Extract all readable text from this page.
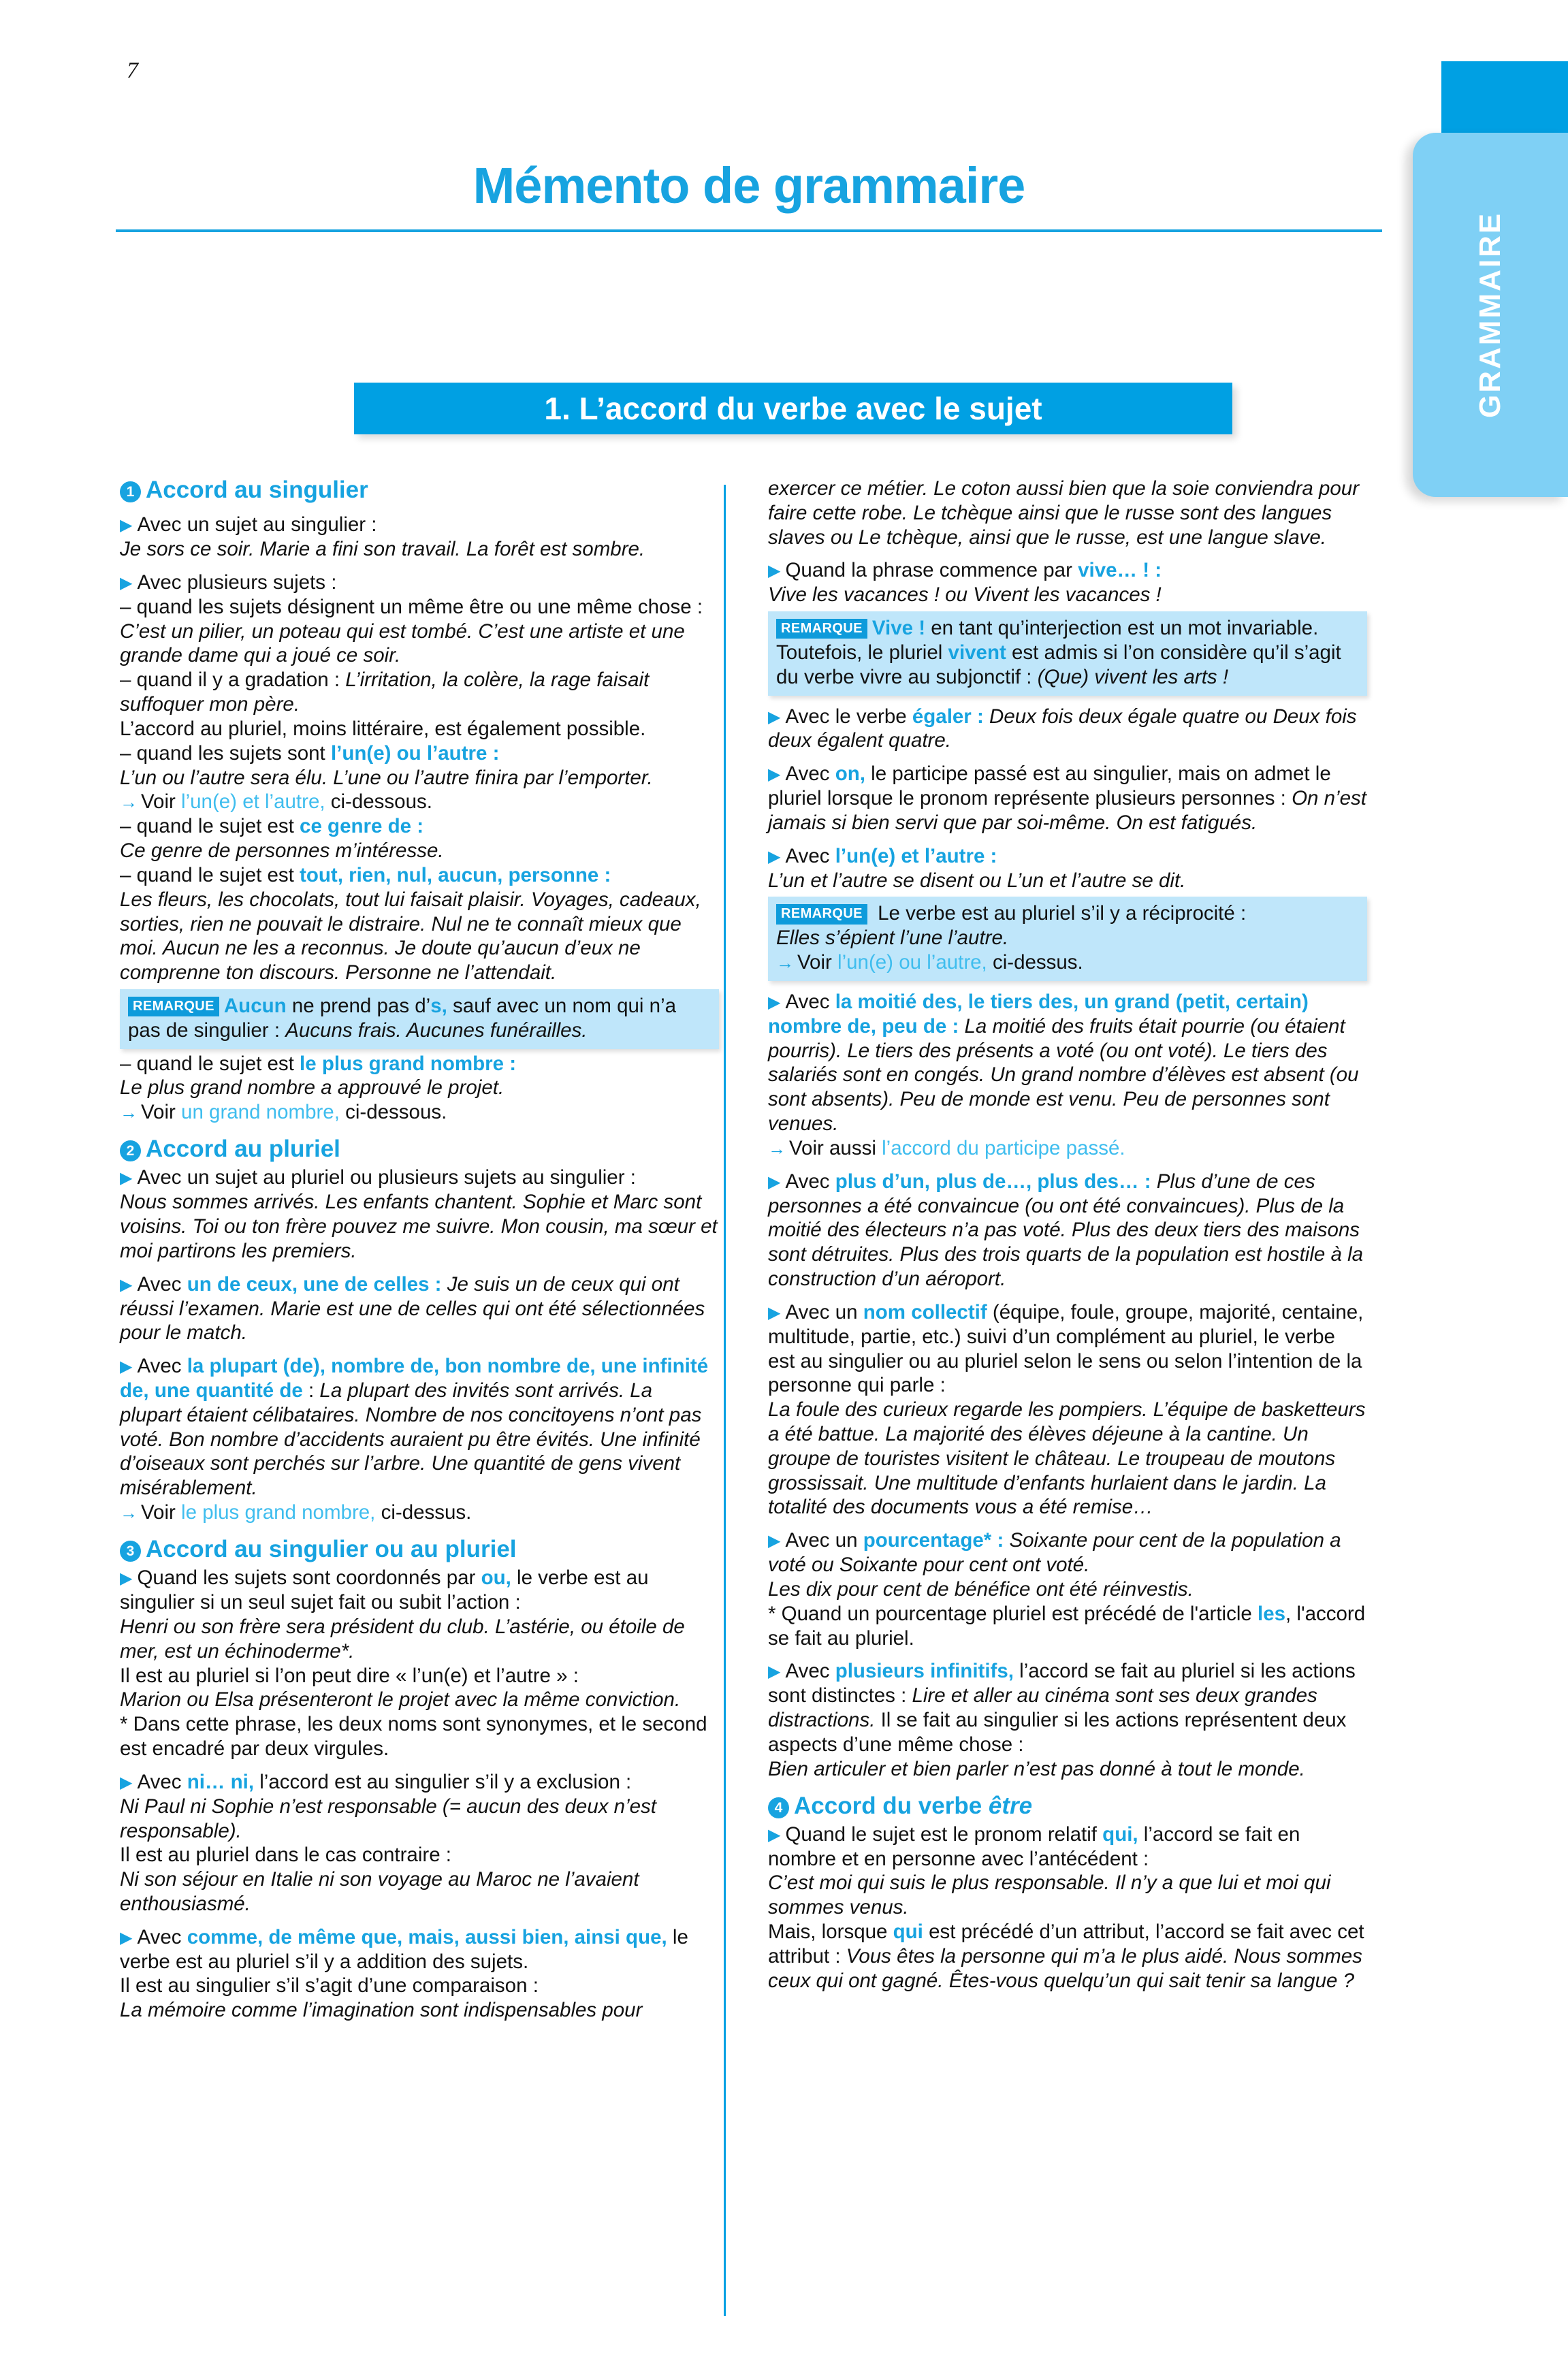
GRAMMAIRE
7
Mémento de grammaire
1. L’accord du verbe avec le sujet
1 Accord au singulier

▶ Avec un sujet au singulier :

Je sors ce soir. Marie a fini son travail. La forêt est sombre.

▶ Avec plusieurs sujets :

– quand les sujets désignent un même être ou une même chose : C’est un pilier, un poteau qui est tombé. C’est une artiste et une grande dame qui a joué ce soir.

– quand il y a gradation : L’irritation, la colère, la rage faisait suffoquer mon père.

L’accord au pluriel, moins littéraire, est également possible.

– quand les sujets sont l’un(e) ou l’autre :

L’un ou l’autre sera élu. L’une ou l’autre finira par l’emporter.

→ Voir l’un(e) et l’autre, ci-dessous.

– quand le sujet est ce genre de :

Ce genre de personnes m’intéresse.

– quand le sujet est tout, rien, nul, aucun, personne :

Les fleurs, les chocolats, tout lui faisait plaisir. Voyages, cadeaux, sorties, rien ne pouvait le distraire. Nul ne te connaît mieux que moi. Aucun ne les a reconnus. Je doute qu’aucun d’eux ne comprenne ton discours. Personne ne l’attendait.

REMARQUE Aucun ne prend pas d’s, sauf avec un nom qui n’a pas de singulier : Aucuns frais. Aucunes funérailles.

– quand le sujet est le plus grand nombre :

Le plus grand nombre a approuvé le projet.

→ Voir un grand nombre, ci-dessous.

2 Accord au pluriel

▶ Avec un sujet au pluriel ou plusieurs sujets au singulier :

Nous sommes arrivés. Les enfants chantent. Sophie et Marc sont voisins. Toi ou ton frère pouvez me suivre. Mon cousin, ma sœur et moi partirons les premiers.

▶ Avec un de ceux, une de celles : Je suis un de ceux qui ont réussi l’examen. Marie est une de celles qui ont été sélectionnées pour le match.

▶ Avec la plupart (de), nombre de, bon nombre de, une infinité de, une quantité de : La plupart des invités sont arrivés. La plupart étaient célibataires. Nombre de nos concitoyens n’ont pas voté. Bon nombre d’accidents auraient pu être évités. Une infinité d’oiseaux sont perchés sur l’arbre. Une quantité de gens vivent misérablement.

→ Voir le plus grand nombre, ci-dessus.

3 Accord au singulier ou au pluriel

▶ Quand les sujets sont coordonnés par ou, le verbe est au singulier si un seul sujet fait ou subit l’action :

Henri ou son frère sera président du club. L’astérie, ou étoile de mer, est un échinoderme*.

Il est au pluriel si l’on peut dire « l’un(e) et l’autre » :

Marion ou Elsa présenteront le projet avec la même conviction.

* Dans cette phrase, les deux noms sont synonymes, et le second est encadré par deux virgules.

▶ Avec ni… ni, l’accord est au singulier s’il y a exclusion :

Ni Paul ni Sophie n’est responsable (= aucun des deux n’est responsable).

Il est au pluriel dans le cas contraire :

Ni son séjour en Italie ni son voyage au Maroc ne l’avaient enthousiasmé.

▶ Avec comme, de même que, mais, aussi bien, ainsi que, le verbe est au pluriel s’il y a addition des sujets.

Il est au singulier s’il s’agit d’une comparaison :

La mémoire comme l’imagination sont indispensables pour

exercer ce métier. Le coton aussi bien que la soie conviendra pour faire cette robe. Le tchèque ainsi que le russe sont des langues slaves ou Le tchèque, ainsi que le russe, est une langue slave.

▶ Quand la phrase commence par vive… ! :

Vive les vacances ! ou Vivent les vacances !

REMARQUE Vive ! en tant qu’interjection est un mot invariable. Toutefois, le pluriel vivent est admis si l’on considère qu’il s’agit du verbe vivre au subjonctif : (Que) vivent les arts !

▶ Avec le verbe égaler : Deux fois deux égale quatre ou Deux fois deux égalent quatre.

▶ Avec on, le participe passé est au singulier, mais on admet le pluriel lorsque le pronom représente plusieurs personnes : On n’est jamais si bien servi que par soi-même. On est fatigués.

▶ Avec l’un(e) et l’autre :

L’un et l’autre se disent ou L’un et l’autre se dit.

REMARQUE Le verbe est au pluriel s’il y a réciprocité :

Elles s’épient l’une l’autre.

→ Voir l’un(e) ou l’autre, ci-dessus.

▶ Avec la moitié des, le tiers des, un grand (petit, certain) nombre de, peu de : La moitié des fruits était pourrie (ou étaient pourris). Le tiers des présents a voté (ou ont voté). Le tiers des salariés sont en congés. Un grand nombre d’élèves est absent (ou sont absents). Peu de monde est venu. Peu de personnes sont venues.

→ Voir aussi l’accord du participe passé.

▶ Avec plus d’un, plus de…, plus des… : Plus d’une de ces personnes a été convaincue (ou ont été convaincues). Plus de la moitié des électeurs n’a pas voté. Plus des deux tiers des maisons sont détruites. Plus des trois quarts de la population est hostile à la construction d’un aéroport.

▶ Avec un nom collectif (équipe, foule, groupe, majorité, centaine, multitude, partie, etc.) suivi d’un complément au pluriel, le verbe est au singulier ou au pluriel selon le sens ou selon l’intention de la personne qui parle :

La foule des curieux regarde les pompiers. L’équipe de basketteurs a été battue. La majorité des élèves déjeune à la cantine. Un groupe de touristes visitent le château. Le troupeau de moutons grossissait. Une multitude d’enfants hurlaient dans le jardin. La totalité des documents vous a été remise…

▶ Avec un pourcentage* : Soixante pour cent de la population a voté ou Soixante pour cent ont voté.

Les dix pour cent de bénéfice ont été réinvestis.

* Quand un pourcentage pluriel est précédé de l'article les, l'accord se fait au pluriel.

▶ Avec plusieurs infinitifs, l’accord se fait au pluriel si les actions sont distinctes : Lire et aller au cinéma sont ses deux grandes distractions. Il se fait au singulier si les actions représentent deux aspects d’une même chose :

Bien articuler et bien parler n’est pas donné à tout le monde.

4 Accord du verbe être

▶ Quand le sujet est le pronom relatif qui, l’accord se fait en nombre et en personne avec l’antécédent :

C’est moi qui suis le plus responsable. Il n’y a que lui et moi qui sommes venus.

Mais, lorsque qui est précédé d’un attribut, l’accord se fait avec cet attribut : Vous êtes la personne qui m’a le plus aidé. Nous sommes ceux qui ont gagné. Êtes-vous quelqu’un qui sait tenir sa langue ?
